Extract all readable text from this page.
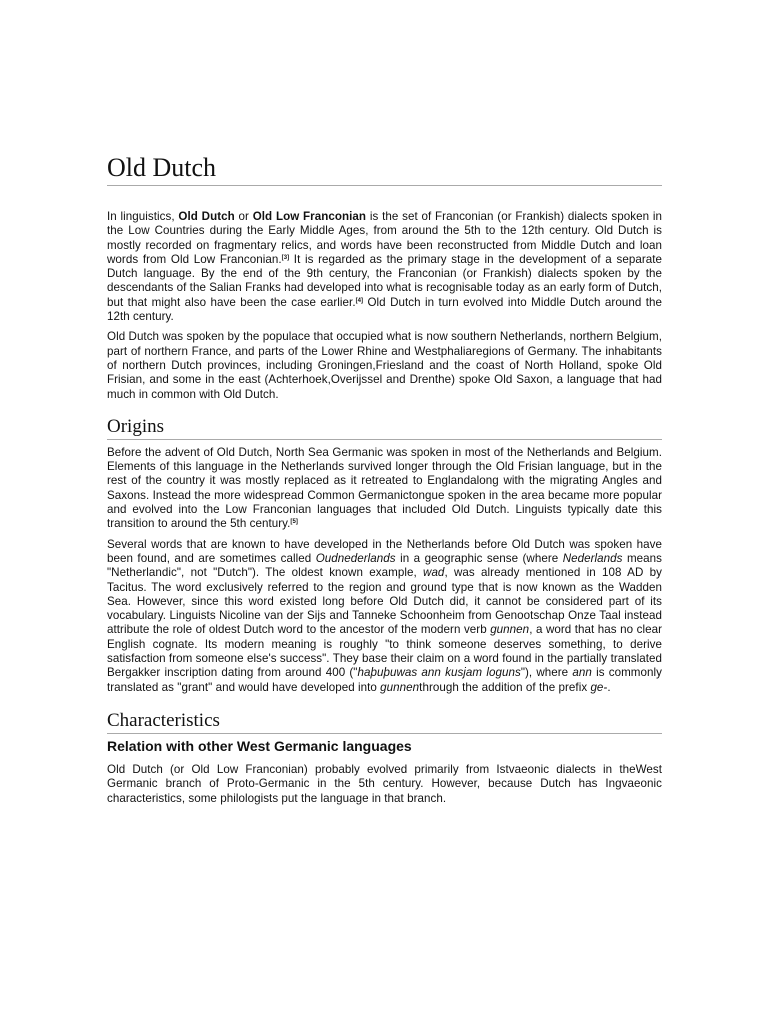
Old Dutch

In linguistics, Old Dutch or Old Low Franconian is the set of Franconian (or Frankish) dialects spoken in the Low Countries during the Early Middle Ages, from around the 5th to the 12th century. Old Dutch is mostly recorded on fragmentary relics, and words have been reconstructed from Middle Dutch and loan words from Old Low Franconian.[3] It is regarded as the primary stage in the development of a separate Dutch language. By the end of the 9th century, the Franconian (or Frankish) dialects spoken by the descendants of the Salian Franks had developed into what is recognisable today as an early form of Dutch, but that might also have been the case earlier.[4] Old Dutch in turn evolved into Middle Dutch around the 12th century.

Old Dutch was spoken by the populace that occupied what is now southern Netherlands, northern Belgium, part of northern France, and parts of the Lower Rhine and Westphaliaregions of Germany. The inhabitants of northern Dutch provinces, including Groningen,Friesland and the coast of North Holland, spoke Old Frisian, and some in the east (Achterhoek,Overijssel and Drenthe) spoke Old Saxon, a language that had much in common with Old Dutch.

Origins

Before the advent of Old Dutch, North Sea Germanic was spoken in most of the Netherlands and Belgium. Elements of this language in the Netherlands survived longer through the Old Frisian language, but in the rest of the country it was mostly replaced as it retreated to Englandalong with the migrating Angles and Saxons. Instead the more widespread Common Germanictongue spoken in the area became more popular and evolved into the Low Franconian languages that included Old Dutch. Linguists typically date this transition to around the 5th century.[5]

Several words that are known to have developed in the Netherlands before Old Dutch was spoken have been found, and are sometimes called Oudnederlands in a geographic sense (where Nederlands means "Netherlandic", not "Dutch"). The oldest known example, wad, was already mentioned in 108 AD by Tacitus. The word exclusively referred to the region and ground type that is now known as the Wadden Sea. However, since this word existed long before Old Dutch did, it cannot be considered part of its vocabulary. Linguists Nicoline van der Sijs and Tanneke Schoonheim from Genootschap Onze Taal instead attribute the role of oldest Dutch word to the ancestor of the modern verb gunnen, a word that has no clear English cognate. Its modern meaning is roughly "to think someone deserves something, to derive satisfaction from someone else's success". They base their claim on a word found in the partially translated Bergakker inscription dating from around 400 ("haþuþuwas ann kusjam loguns"), where ann is commonly translated as "grant" and would have developed into gunnenthrough the addition of the prefix ge-.

Characteristics
Relation with other West Germanic languages

Old Dutch (or Old Low Franconian) probably evolved primarily from Istvaeonic dialects in theWest Germanic branch of Proto-Germanic in the 5th century. However, because Dutch has Ingvaeonic characteristics, some philologists put the language in that branch.
